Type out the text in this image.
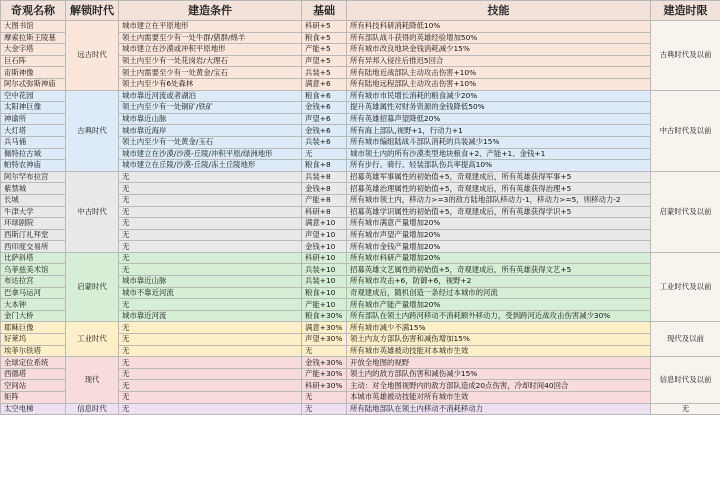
奇观名称	解锁时代	建造条件	基础	技能	建造时限
大图书馆	远古时代	城市建立在平原地形	科研+5	所有科技科研消耗降低10%	古典时代及以前
摩索拉斯王陵墓		领土内需要至少有一处牛群/猪群/绵羊	粮食+5	所有部队战斗获得的英雄经验增加50%	
大金字塔		城市建立在沙漠或冲积平原地形	产能+5	所有城市改良地块金钱消耗减少15%	
巨石阵		领土内至少有一处花岗岩/大理石	声望+5	所有异邦入侵往后推迟5回合	
宙斯神像		领土内需要至少有一处黄金/宝石	兵装+5	所有陆地近战部队主动攻击伤害+10%	
阿尔忒弥斯神庙		领土内至少有6处森林	满意+6	所有陆地远程部队主动攻击伤害+10%	
空中花园	古典时代	城市靠近河流或者湖泊	粮食+6	所有城市市民增长消耗的粮食减少20%	中古时代及以前
太阳神巨像		领土内至少有一处铜矿/铁矿	金钱+6	提升英雄属性对财务资源的金钱降低50%	
神谕所		城市靠近山脉	声望+6	所有英雄招募声望降低20%	
大灯塔		城市靠近海岸	金钱+6	所有海上部队,视野+1，行动力+1	
兵马俑		领土内至少有一处黄金/玉石	兵装+6	所有城市编组陆战斗部队消耗的兵装减少15%	
佩特拉古城		城市建立在沙漠/沙漠-丘陵/冲积平原/绿洲地形	无	城市领土内的所有沙漠类型地块粮食+2、产能+1、金钱+1	
帕特农神庙		城市建立在丘陵/沙漠-丘陵/冻土丘陵地形	粮食+8	所有步行、骑行、轻装部队伤兵率提高10%	
阿尔罕布拉宫	中古时代	无	兵装+8	招募英雄军事属性的初始值+5，奇观建成后，所有英雄获得军事+5	启蒙时代及以前
紫禁城		无	金钱+8	招募英雄治理属性的初始值+5，奇观建成后，所有英雄获得治理+5	
长城		无	产能+8	所有城市领土内，移动力>=3的敌方陆地部队移动力-1，移动力>=5，则移动力-2	
牛津大学		无	科研+8	招募英雄学识属性的初始值+5，奇观建成后，所有英雄获得学识+5	
环球剧院		无	满意+10	所有城市满意产量增加20%	
西斯汀礼拜堂		无	声望+10	所有城市声望产量增加20%	
西印度交易所		无	金钱+10	所有城市金钱产量增加20%	
比萨斜塔	启蒙时代	无	科研+10	所有城市科研产量增加20%	工业时代及以前
乌菲兹美术馆		无	兵装+10	招募英雄文艺属性的初始值+5，奇观建成后，所有英雄获得文艺+5	
布达拉宫		城市靠近山脉	兵装+10	所有城市攻击+6，防御+6，视野+2	
巴拿马运河		城市不靠近河流	粮食+10	奇观建成后，随机创造一条经过本城市的河流	
大本钟		无	产能+10	所有城市产能产量增加20%	
金门大桥		城市靠近河流	粮食+30%	所有部队在领土内跨河移动不消耗额外移动力，受到跨河近战攻击伤害减少30%	
耶稣巨像	工业时代	无	满意+30%	所有城市减少不满15%	现代及以前
好莱坞		无	声望+30%	领土内友方部队伤害和减伤增加15%	
埃菲尔铁塔		无	无	所有城市英雄被动技能对本城市生效	
全球定位系统	现代	无	金钱+30%	开放全地图的视野	信息时代及以前
西德塔		无	产能+30%	领土内的敌方部队伤害和减伤减少15%	
空间站		无	科研+30%	主动：对全地图视野内的敌方部队造成20点伤害，冷却时间40回合	
矩阵		无	无	本城市英雄被动技能对所有城市生效	
太空电梯	信息时代	无	无	所有陆地部队在领土内移动不消耗移动力	无
